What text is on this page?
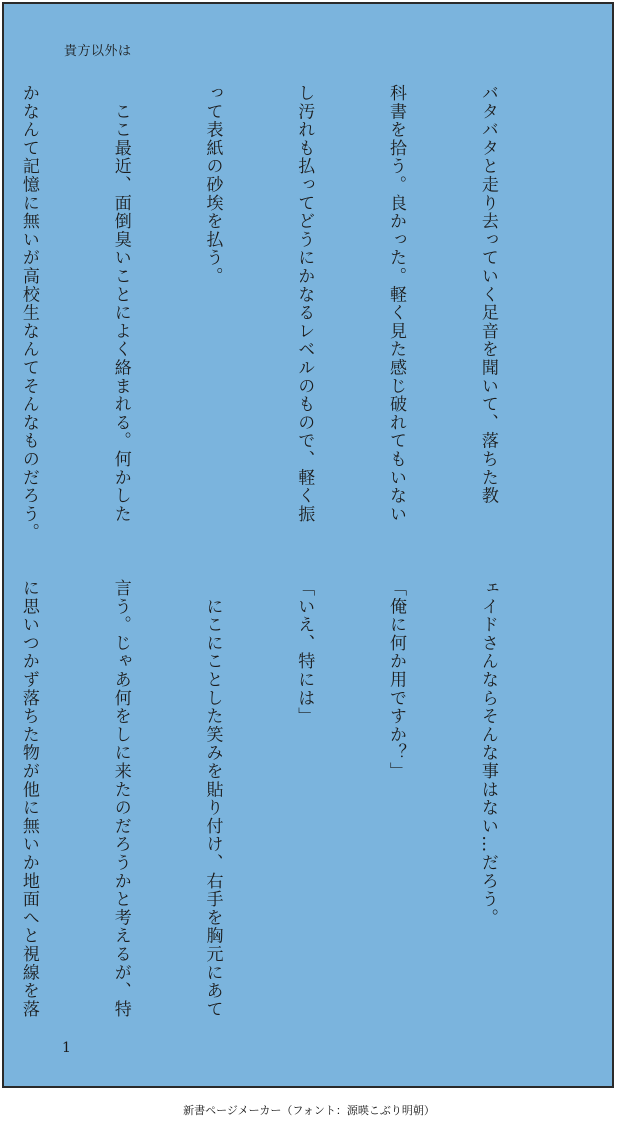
貴方以外は

バタバタと走り去っていく足音を聞いて、落ちた教

科書を拾う。良かった。軽く見た感じ破れてもいない

し汚れも払ってどうにかなるレベルのもので、軽く振

って表紙の砂埃を払う。

　ここ最近、面倒臭いことによく絡まれる。何かした

かなんて記憶に無いが高校生なんてそんなものだろう。

ェイドさんならそんな事はない…だろう。

「俺に何か用ですか？」

「いえ、特には」

　にこにことした笑みを貼り付け、右手を胸元にあて

言う。じゃあ何をしに来たのだろうかと考えるが、特

に思いつかず落ちた物が他に無いか地面へと視線を落

1
新書ページメーカー（フォント：源暎こぶり明朝）
